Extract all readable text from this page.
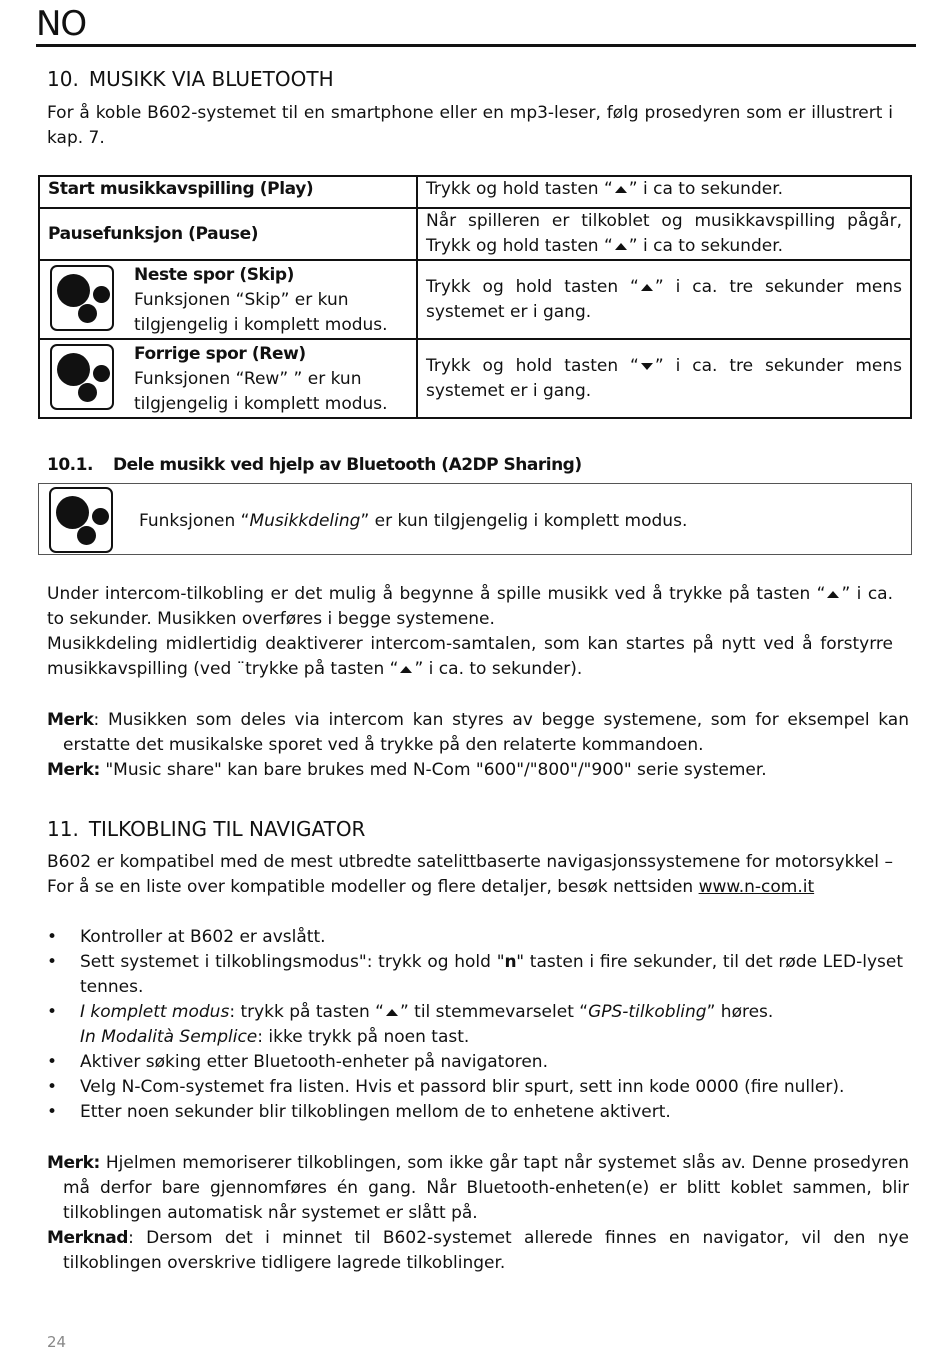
NO
10. MUSIKK VIA BLUETOOTH

For å koble B602-systemet til en smartphone eller en mp3-leser, følg prosedyren som er illustrert i kap. 7.

Start musikkavspilling (Play)	Trykk og hold tasten “ ” i ca to sekunder.
Pausefunksjon (Pause)	Når spilleren er tilkoblet og musikkavspilling pågår,
Trykk og hold tasten “ ” i ca to sekunder.

Neste spor (Skip)
Funksjonen “Skip” er kun tilgjengelig i komplett modus.	Trykk og hold tasten “ ” i ca. tre sekunder mens systemet er i gang.

Forrige spor (Rew)
Funksjonen “Rew” ” er kun tilgjengelig i komplett modus.	Trykk og hold tasten “ ” i ca. tre sekunder mens systemet er i gang.
10.1. Dele musikk ved hjelp av Bluetooth (A2DP Sharing)
Funksjonen “Musikkdeling” er kun tilgjengelig i komplett modus.

Under intercom-tilkobling er det mulig å begynne å spille musikk ved å trykke på tasten “ ” i ca. to sekunder. Musikken overføres i begge systemene.

Musikkdeling midlertidig deaktiverer intercom-samtalen, som kan startes på nytt ved å forstyrre musikkavspilling (ved ¨trykke på tasten “ ” i ca. to sekunder).

Merk: Musikken som deles via intercom kan styres av begge systemene, som for eksempel kan erstatte det musikalske sporet ved å trykke på den relaterte kommandoen.

Merk: "Music share" kan bare brukes med N-Com "600"/"800"/"900" serie systemer.

11. TILKOBLING TIL NAVIGATOR

B602 er kompatibel med de mest utbredte satelittbaserte navigasjonssystemene for motorsykkel – For å se en liste over kompatible modeller og flere detaljer, besøk nettsiden www.n-com.it

• Kontroller at B602 er avslått.
• Sett systemet i tilkoblingsmodus": trykk og hold "n" tasten i fire sekunder, til det røde LED-lyset tennes.
• I komplett modus: trykk på tasten “ ” til stemmevarselet “GPS-tilkobling” høres.
In Modalità Semplice: ikke trykk på noen tast.
• Aktiver søking etter Bluetooth-enheter på navigatoren.
• Velg N-Com-systemet fra listen. Hvis et passord blir spurt, sett inn kode 0000 (fire nuller).
• Etter noen sekunder blir tilkoblingen mellom de to enhetene aktivert.

Merk: Hjelmen memoriserer tilkoblingen, som ikke går tapt når systemet slås av. Denne prosedyren må derfor bare gjennomføres én gang. Når Bluetooth-enheten(e) er blitt koblet sammen, blir tilkoblingen automatisk når systemet er slått på.

Merknad: Dersom det i minnet til B602-systemet allerede finnes en navigator, vil den nye tilkoblingen overskrive tidligere lagrede tilkoblinger.

24
